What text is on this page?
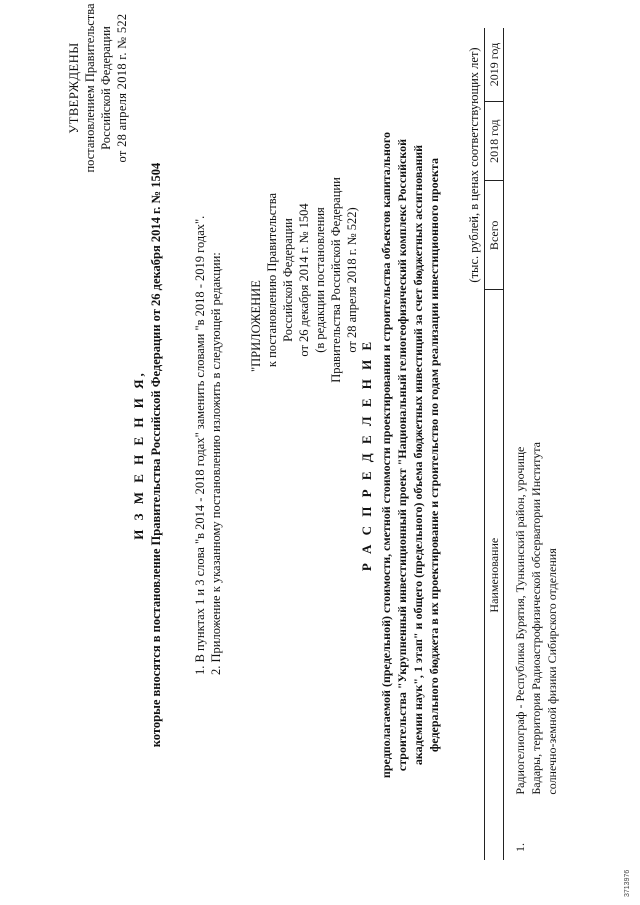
УТВЕРЖДЕНЫ постановлением Правительства Российской Федерации от 28 апреля 2018 г. № 522
И З М Е Н Е Н И Я, которые вносятся в постановление Правительства Российской Федерации от 26 декабря 2014 г. № 1504 1. В пунктах 1 и 3 слова "в 2014 - 2018 годах" заменить словами "в 2018 - 2019 годах". 2. Приложение к указанному постановлению изложить в следующей редакции: "ПРИЛОЖЕНИЕ к постановлению Правительства Российской Федерации от 26 декабря 2014 г. № 1504 (в редакции постановления Правительства Российской Федерации от 28 апреля 2018 г. № 522)
Р А С П Р Е Д Е Л Е Н И Е предполагаемой (предельной) стоимости, сметной стоимости проектирования и строительства объектов капитального строительства "Укрупненный инвестиционный проект "Национальный гелиогеофизический комплекс Российской академии наук", 1 этап" и общего (предельного) объема бюджетных инвестиций за счет бюджетных ассигнований федерального бюджета в их проектирование и строительство по годам реализации инвестиционного проекта (тыс. рублей, в ценах соответствующих лет)
Наименование		Всего	2018 год	2019 год
1.	Радиогелиограф - Республика Бурятия, Тункинский район, урочище Бадары, территория Радиоастрофизической обсерватории Института солнечно-земной физики Сибирского отделения			

3713976
